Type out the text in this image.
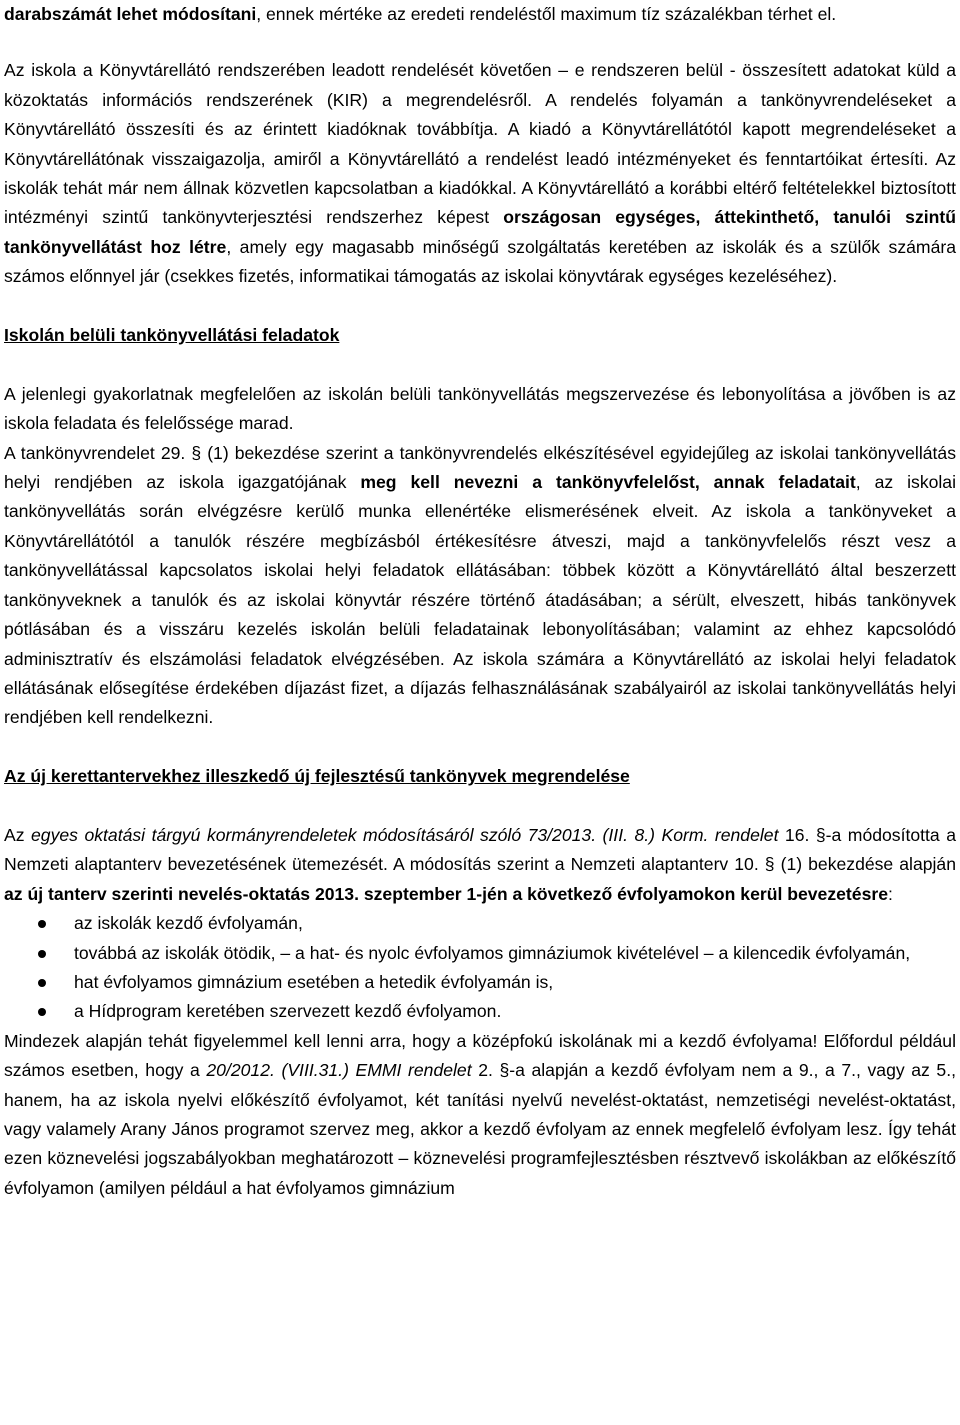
darabszámát lehet módosítani, ennek mértéke az eredeti rendeléstől maximum tíz százalékban térhet el.

Az iskola a Könyvtárellátó rendszerében leadott rendelését követően – e rendszeren belül - összesített adatokat küld a közoktatás információs rendszerének (KIR) a megrendelésről. A rendelés folyamán a tankönyvrendeléseket a Könyvtárellátó összesíti és az érintett kiadóknak továbbítja. A kiadó a Könyvtárellátótól kapott megrendeléseket a Könyvtárellátónak visszaigazolja, amiről a Könyvtárellátó a rendelést leadó intézményeket és fenntartóikat értesíti. Az iskolák tehát már nem állnak közvetlen kapcsolatban a kiadókkal. A Könyvtárellátó a korábbi eltérő feltételekkel biztosított intézményi szintű tankönyvterjesztési rendszerhez képest országosan egységes, áttekinthető, tanulói szintű tankönyvellátást hoz létre, amely egy magasabb minőségű szolgáltatás keretében az iskolák és a szülők számára számos előnnyel jár (csekkes fizetés, informatikai támogatás az iskolai könyvtárak egységes kezeléséhez).

Iskolán belüli tankönyvellátási feladatok

A jelenlegi gyakorlatnak megfelelően az iskolán belüli tankönyvellátás megszervezése és lebonyolítása a jövőben is az iskola feladata és felelőssége marad.

A tankönyvrendelet 29. § (1) bekezdése szerint a tankönyvrendelés elkészítésével egyidejűleg az iskolai tankönyvellátás helyi rendjében az iskola igazgatójának meg kell nevezni a tankönyvfelelőst, annak feladatait, az iskolai tankönyvellátás során elvégzésre kerülő munka ellenértéke elismerésének elveit. Az iskola a tankönyveket a Könyvtárellátótól a tanulók részére megbízásból értékesítésre átveszi, majd a tankönyvfelelős részt vesz a tankönyvellátással kapcsolatos iskolai helyi feladatok ellátásában: többek között a Könyvtárellátó által beszerzett tankönyveknek a tanulók és az iskolai könyvtár részére történő átadásában; a sérült, elveszett, hibás tankönyvek pótlásában és a visszáru kezelés iskolán belüli feladatainak lebonyolításában; valamint az ehhez kapcsolódó adminisztratív és elszámolási feladatok elvégzésében. Az iskola számára a Könyvtárellátó az iskolai helyi feladatok ellátásának elősegítése érdekében díjazást fizet, a díjazás felhasználásának szabályairól az iskolai tankönyvellátás helyi rendjében kell rendelkezni.

Az új kerettantervekhez illeszkedő új fejlesztésű tankönyvek megrendelése

Az egyes oktatási tárgyú kormányrendeletek módosításáról szóló 73/2013. (III. 8.) Korm. rendelet 16. §-a módosította a Nemzeti alaptanterv bevezetésének ütemezését. A módosítás szerint a Nemzeti alaptanterv 10. § (1) bekezdése alapján az új tanterv szerinti nevelés-oktatás 2013. szeptember 1-jén a következő évfolyamokon kerül bevezetésre:

az iskolák kezdő évfolyamán,
továbbá az iskolák ötödik, – a hat- és nyolc évfolyamos gimnáziumok kivételével – a kilencedik évfolyamán,
hat évfolyamos gimnázium esetében a hetedik évfolyamán is,
a Hídprogram keretében szervezett kezdő évfolyamon.

Mindezek alapján tehát figyelemmel kell lenni arra, hogy a középfokú iskolának mi a kezdő évfolyama! Előfordul például számos esetben, hogy a 20/2012. (VIII.31.) EMMI rendelet 2. §-a alapján a kezdő évfolyam nem a 9., a 7., vagy az 5., hanem, ha az iskola nyelvi előkészítő évfolyamot, két tanítási nyelvű nevelést-oktatást, nemzetiségi nevelést-oktatást, vagy valamely Arany János programot szervez meg, akkor a kezdő évfolyam az ennek megfelelő évfolyam lesz. Így tehát ezen köznevelési jogszabályokban meghatározott – köznevelési programfejlesztésben résztvevő iskolákban az előkészítő évfolyamon (amilyen például a hat évfolyamos gimnázium
